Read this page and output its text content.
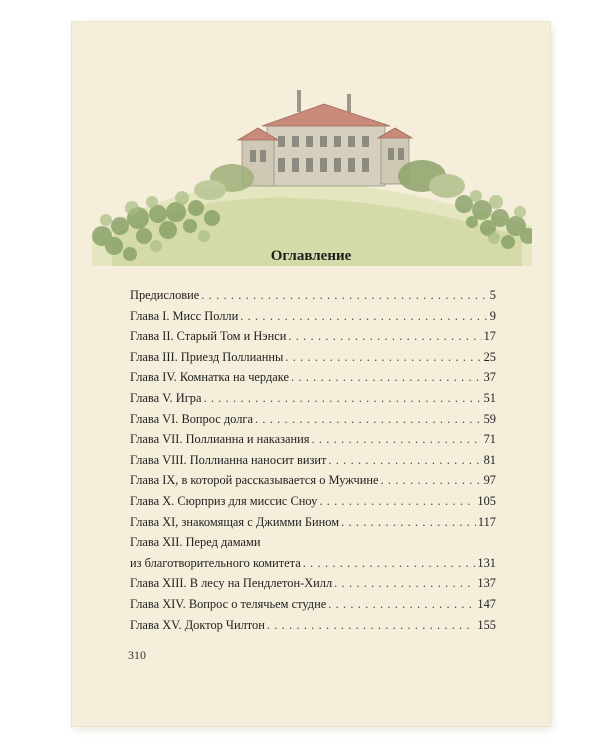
Оглавление
Предисловие . . .	5
Глава I. Мисс Полли . . .	9
Глава II. Старый Том и Нэнси . . .	17
Глава III. Приезд Поллианны . . .	25
Глава IV. Комнатка на чердаке . . .	37
Глава V. Игра . . .	51
Глава VI. Вопрос долга . . .	59
Глава VII. Поллианна и наказания . . .	71
Глава VIII. Поллианна наносит визит . . .	81
Глава IX, в которой рассказывается о Мужчине . . .	97
Глава X. Сюрприз для миссис Сноу . . .	105
Глава XI, знакомящая с Джимми Бином . . .	117
Глава XII. Перед дамами
из благотворительного комитета . . .	131
Глава XIII. В лесу на Пендлетон-Хилл . . .	137
Глава XIV. Вопрос о телячьем студне . . .	147
Глава XV. Доктор Чилтон . . .	155
310
